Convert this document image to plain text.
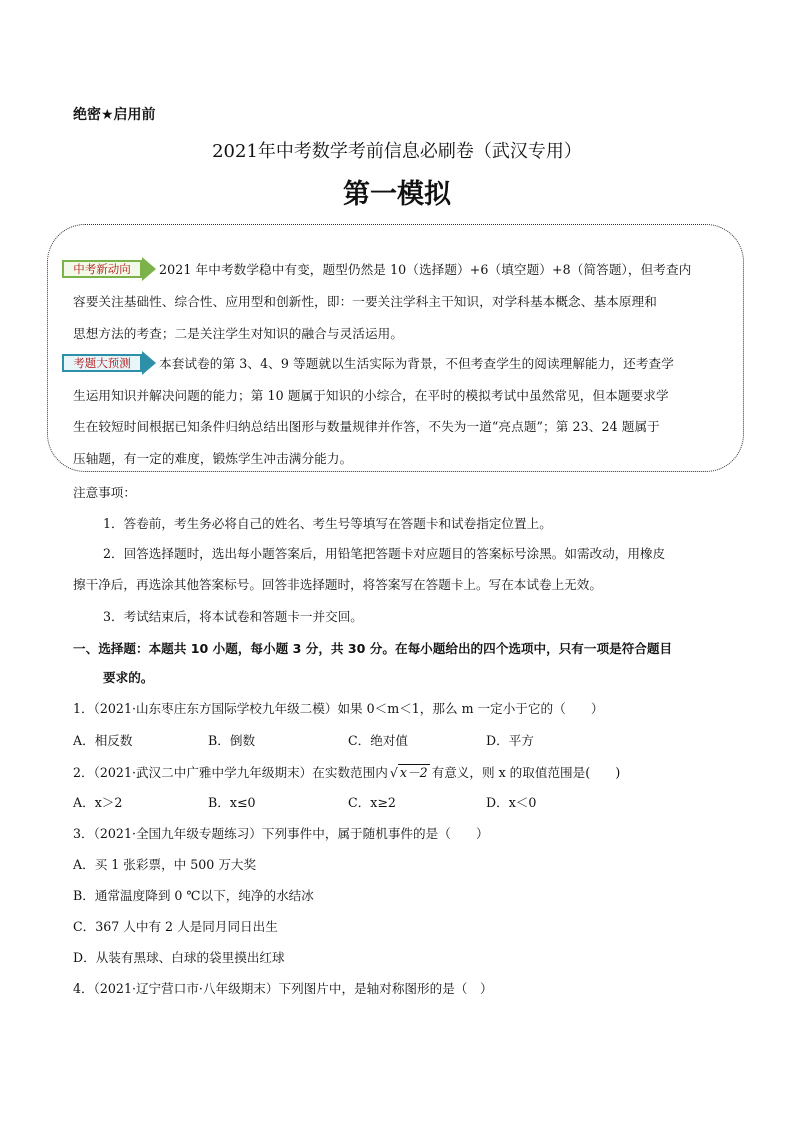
绝密★启用前
2021年中考数学考前信息必刷卷（武汉专用）
第一模拟
中考新动向	2021 年中考数学稳中有变，题型仍然是 10（选择题）+6（填空题）+8（简答题），但考查内
容要关注基础性、综合性、应用型和创新性，即：一要关注学科主干知识，对学科基本概念、基本原理和
思想方法的考查；二是关注学生对知识的融合与灵活运用。
考题大预测	本套试卷的第 3、4、9 等题就以生活实际为背景，不但考查学生的阅读理解能力，还考查学
生运用知识并解决问题的能力；第 10 题属于知识的小综合，在平时的模拟考试中虽然常见，但本题要求学
生在较短时间根据已知条件归纳总结出图形与数量规律并作答，不失为一道“亮点题”；第 23、24 题属于
压轴题，有一定的难度，锻炼学生冲击满分能力。
注意事项：
1．答卷前，考生务必将自己的姓名、考生号等填写在答题卡和试卷指定位置上。
2．回答选择题时，选出每小题答案后，用铅笔把答题卡对应题目的答案标号涂黑。如需改动，用橡皮
擦干净后，再选涂其他答案标号。回答非选择题时，将答案写在答题卡上。写在本试卷上无效。
3．考试结束后，将本试卷和答题卡一并交回。
一、选择题：本题共 10 小题，每小题 3 分，共 30 分。在每小题给出的四个选项中，只有一项是符合题目
要求的。
1．（2021·山东枣庄东方国际学校九年级二模）如果 0＜m＜1，那么 m 一定小于它的（　　）
A．相反数	B．倒数	C．绝对值	D．平方
2．（2021·武汉二中广雅中学九年级期末）在实数范围内 √ x－2 有意义，则 x 的取值范围是(　　)
A．x＞2	B．x≤0	C．x≥2	D．x＜0
3．（2021·全国九年级专题练习）下列事件中，属于随机事件的是（　　）
A．买 1 张彩票，中 500 万大奖
B．通常温度降到 0 ℃以下，纯净的水结冰
C．367 人中有 2 人是同月同日出生
D．从装有黑球、白球的袋里摸出红球
4．（2021·辽宁营口市·八年级期末）下列图片中，是轴对称图形的是（　）
